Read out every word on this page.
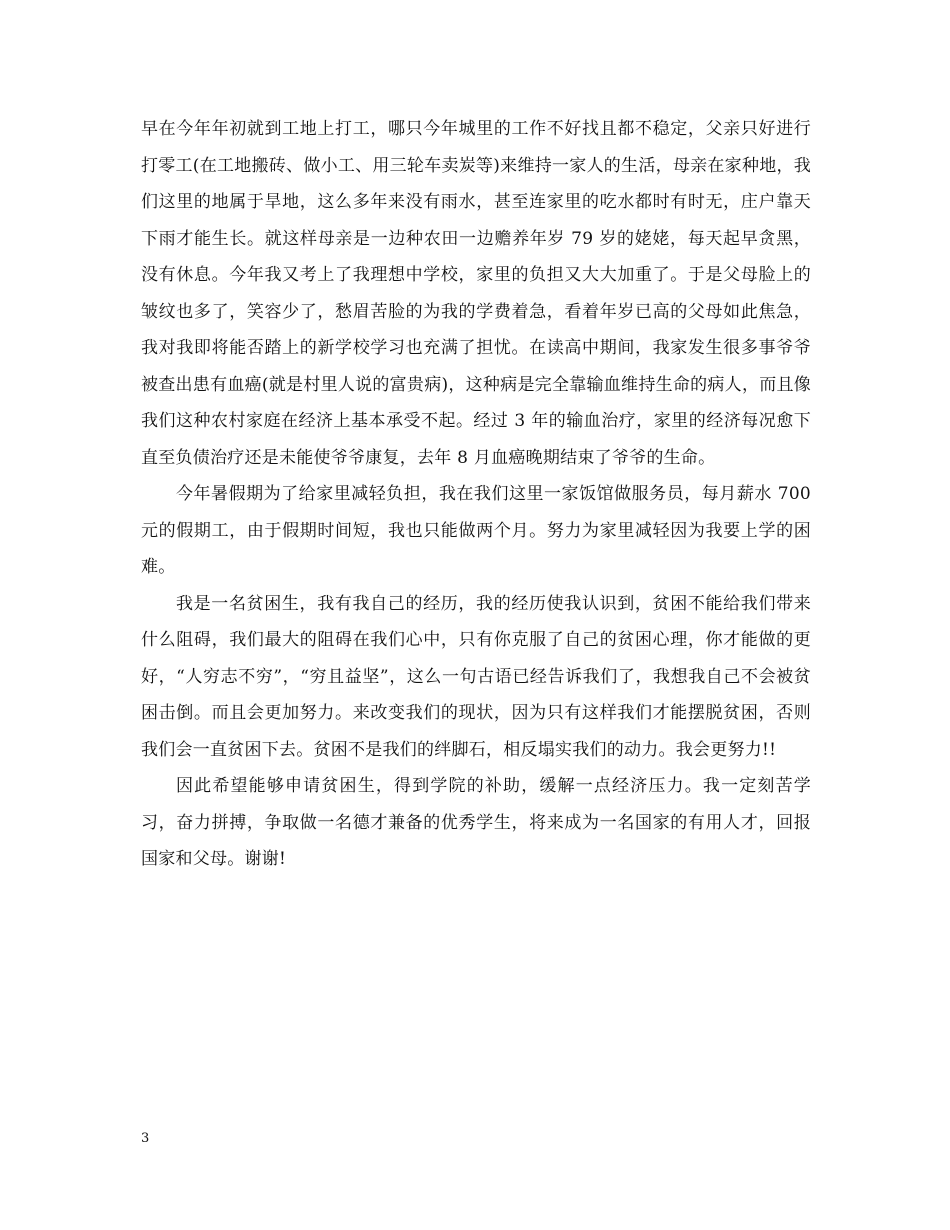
早在今年年初就到工地上打工，哪只今年城里的工作不好找且都不稳定，父亲只好进行打零工(在工地搬砖、做小工、用三轮车卖炭等)来维持一家人的生活，母亲在家种地，我们这里的地属于旱地，这么多年来没有雨水，甚至连家里的吃水都时有时无，庄户靠天下雨才能生长。就这样母亲是一边种农田一边赡养年岁 79 岁的姥姥，每天起早贪黑，没有休息。今年我又考上了我理想中学校，家里的负担又大大加重了。于是父母脸上的皱纹也多了，笑容少了，愁眉苦脸的为我的学费着急，看着年岁已高的父母如此焦急，我对我即将能否踏上的新学校学习也充满了担忧。在读高中期间，我家发生很多事爷爷被查出患有血癌(就是村里人说的富贵病)，这种病是完全靠输血维持生命的病人，而且像我们这种农村家庭在经济上基本承受不起。经过 3 年的输血治疗，家里的经济每况愈下直至负债治疗还是未能使爷爷康复，去年 8 月血癌晚期结束了爷爷的生命。

今年暑假期为了给家里减轻负担，我在我们这里一家饭馆做服务员，每月薪水 700 元的假期工，由于假期时间短，我也只能做两个月。努力为家里减轻因为我要上学的困难。

我是一名贫困生，我有我自己的经历，我的经历使我认识到，贫困不能给我们带来什么阻碍，我们最大的阻碍在我们心中，只有你克服了自己的贫困心理，你才能做的更好，“人穷志不穷”，“穷且益坚”，这么一句古语已经告诉我们了，我想我自己不会被贫困击倒。而且会更加努力。来改变我们的现状，因为只有这样我们才能摆脱贫困，否则我们会一直贫困下去。贫困不是我们的绊脚石，相反塌实我们的动力。我会更努力!!

因此希望能够申请贫困生，得到学院的补助，缓解一点经济压力。我一定刻苦学习，奋力拼搏，争取做一名德才兼备的优秀学生，将来成为一名国家的有用人才，回报国家和父母。谢谢!

3
